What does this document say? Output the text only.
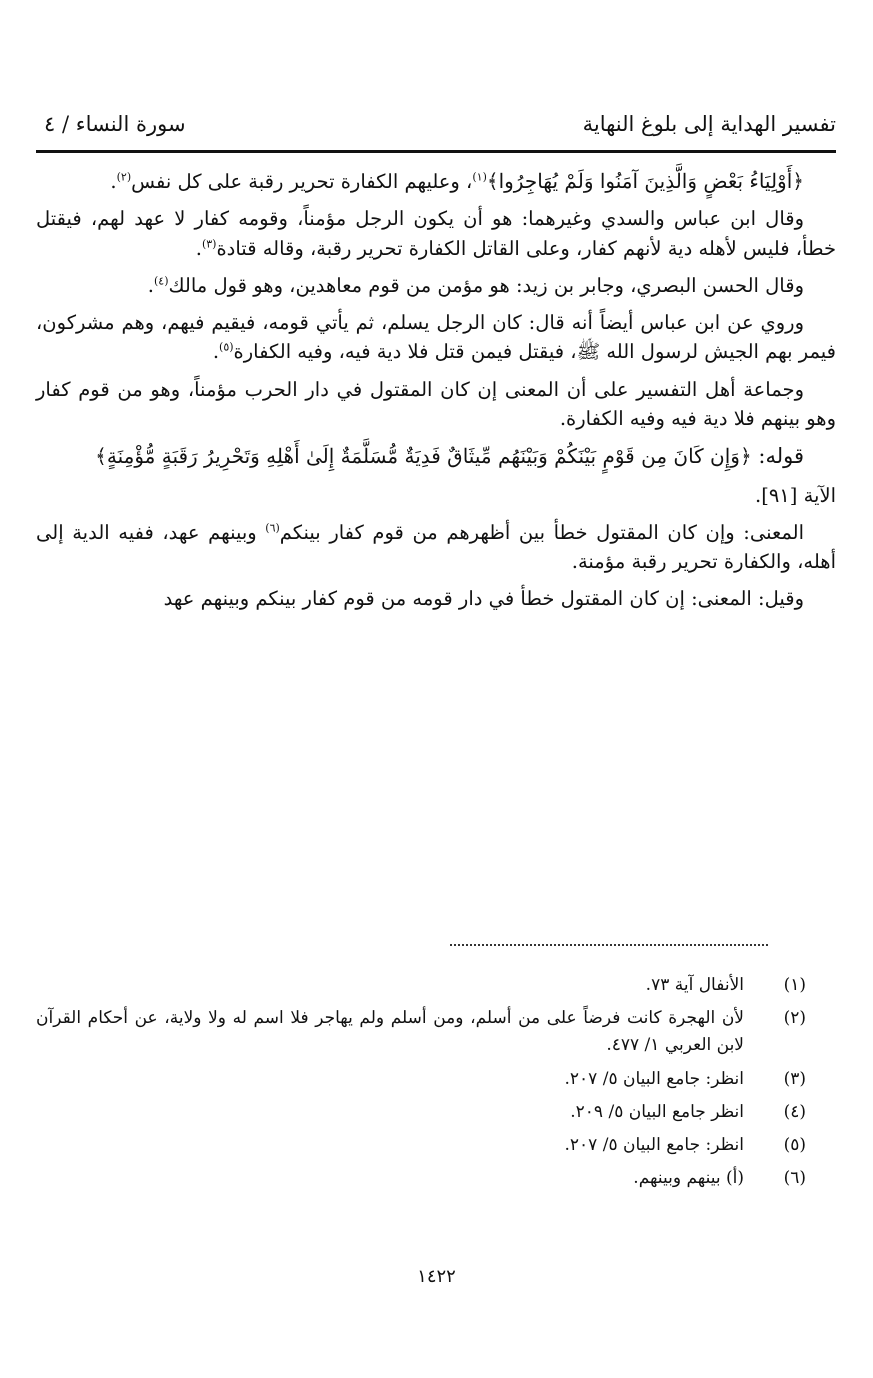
تفسير الهداية إلى بلوغ النهاية
سورة النساء / ٤

﴿أَوْلِيَاءُ بَعْضٍ وَالَّذِينَ آمَنُوا وَلَمْ يُهَاجِرُوا﴾$^{(١)}$، وعليهم الكفارة تحرير رقبة على كل نفس$^{(٢)}$.

وقال ابن عباس والسدي وغيرهما: هو أن يكون الرجل مؤمناً، وقومه كفار لا عهد لهم، فيقتل خطأ، فليس لأهله دية لأنهم كفار، وعلى القاتل الكفارة تحرير رقبة، وقاله قتادة$^{(٣)}$.

وقال الحسن البصري، وجابر بن زيد: هو مؤمن من قوم معاهدين، وهو قول مالك$^{(٤)}$.

وروي عن ابن عباس أيضاً أنه قال: كان الرجل يسلم، ثم يأتي قومه، فيقيم فيهم، وهم مشركون، فيمر بهم الجيش لرسول الله ﷺ، فيقتل فيمن قتل فلا دية فيه، وفيه الكفارة$^{(٥)}$.

وجماعة أهل التفسير على أن المعنى إن كان المقتول في دار الحرب مؤمناً، وهو من قوم كفار وهو بينهم فلا دية فيه وفيه الكفارة.

قوله: ﴿وَإِن كَانَ مِن قَوْمٍ بَيْنَكُمْ وَبَيْنَهُم مِّيثَاقٌ فَدِيَةٌ مُّسَلَّمَةٌ إِلَىٰ أَهْلِهِ وَتَحْرِيرُ رَقَبَةٍ مُّؤْمِنَةٍ﴾

الآية [٩١].

المعنى: وإن كان المقتول خطأ بين أظهرهم من قوم كفار بينكم$^{(٦)}$ وبينهم عهد، ففيه الدية إلى أهله، والكفارة تحرير رقبة مؤمنة.

وقيل: المعنى: إن كان المقتول خطأ في دار قومه من قوم كفار بينكم وبينهم عهد

(١)
الأنفال آية ٧٣.
(٢)
لأن الهجرة كانت فرضاً على من أسلم، ومن أسلم ولم يهاجر فلا اسم له ولا ولاية، عن أحكام القرآن لابن العربي ١/ ٤٧٧.
(٣)
انظر: جامع البيان ٥/ ٢٠٧.
(٤)
انظر جامع البيان ٥/ ٢٠٩.
(٥)
انظر: جامع البيان ٥/ ٢٠٧.
(٦)
(أ) بينهم وبينهم.
١٤٢٢
